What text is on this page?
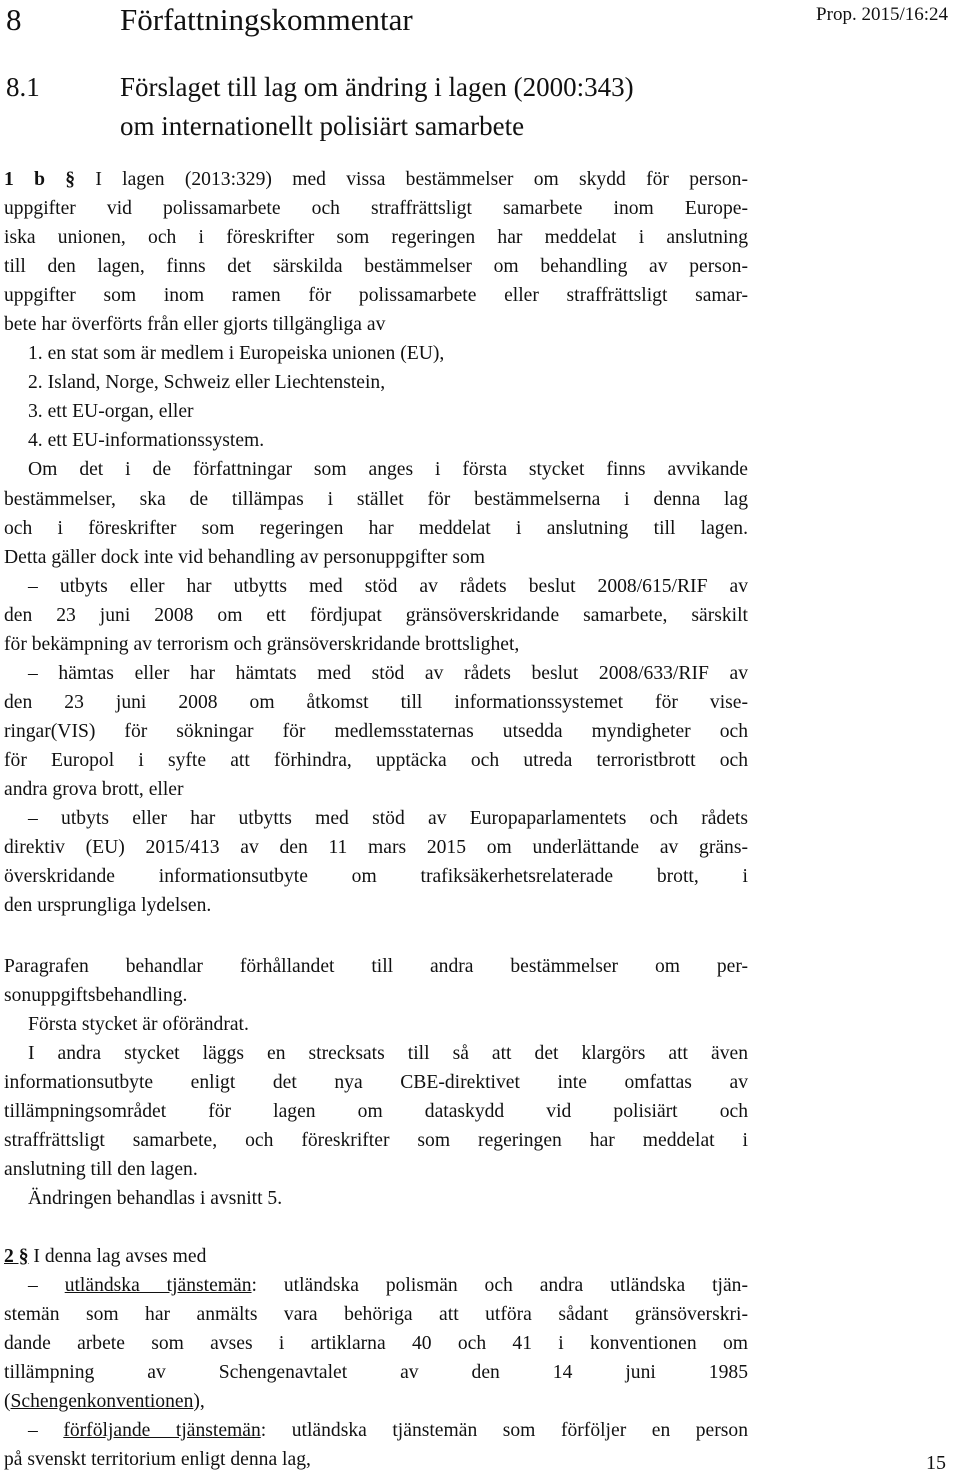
8	Författningskommentar	Prop. 2015/16:24
8.1	Förslaget till lag om ändring i lagen (2000:343)
om internationellt polisiärt samarbete

1 b § I lagen (2013:329) med vissa bestämmelser om skydd för person-

uppgifter vid polissamarbete och straffrättsligt samarbete inom Europe-

iska unionen, och i föreskrifter som regeringen har meddelat i anslutning

till den lagen, finns det särskilda bestämmelser om behandling av person-

uppgifter som inom ramen för polissamarbete eller straffrättsligt samar-

bete har överförts från eller gjorts tillgängliga av

1. en stat som är medlem i Europeiska unionen (EU),

2. Island, Norge, Schweiz eller Liechtenstein,

3. ett EU-organ, eller

4. ett EU-informationssystem.

Om det i de författningar som anges i första stycket finns avvikande

bestämmelser, ska de tillämpas i stället för bestämmelserna i denna lag

och i föreskrifter som regeringen har meddelat i anslutning till lagen.

Detta gäller dock inte vid behandling av personuppgifter som

– utbyts eller har utbytts med stöd av rådets beslut 2008/615/RIF av

den 23 juni 2008 om ett fördjupat gränsöverskridande samarbete, särskilt

för bekämpning av terrorism och gränsöverskridande brottslighet,

– hämtas eller har hämtats med stöd av rådets beslut 2008/633/RIF av

den 23 juni 2008 om åtkomst till informationssystemet för vise-

ringar(VIS) för sökningar för medlemsstaternas utsedda myndigheter och

för Europol i syfte att förhindra, upptäcka och utreda terroristbrott och

andra grova brott, eller

– utbyts eller har utbytts med stöd av Europaparlamentets och rådets

direktiv (EU) 2015/413 av den 11 mars 2015 om underlättande av gräns-

överskridande informationsutbyte om trafiksäkerhetsrelaterade brott, i

den ursprungliga lydelsen.

Paragrafen behandlar förhållandet till andra bestämmelser om per-

sonuppgiftsbehandling.

Första stycket är oförändrat.

I andra stycket läggs en strecksats till så att det klargörs att även

informationsutbyte enligt det nya CBE-direktivet inte omfattas av

tillämpningsområdet för lagen om dataskydd vid polisiärt och

straffrättsligt samarbete, och föreskrifter som regeringen har meddelat i

anslutning till den lagen.

Ändringen behandlas i avsnitt 5.

2 § I denna lag avses med

– utländska tjänstemän: utländska polismän och andra utländska tjän-

stemän som har anmälts vara behöriga att utföra sådant gränsöverskri-

dande arbete som avses i artiklarna 40 och 41 i konventionen om

tillämpning av Schengenavtalet av den 14 juni 1985

(Schengenkonventionen),

– förföljande tjänstemän: utländska tjänstemän som förföljer en person

på svenskt territorium enligt denna lag,	15
